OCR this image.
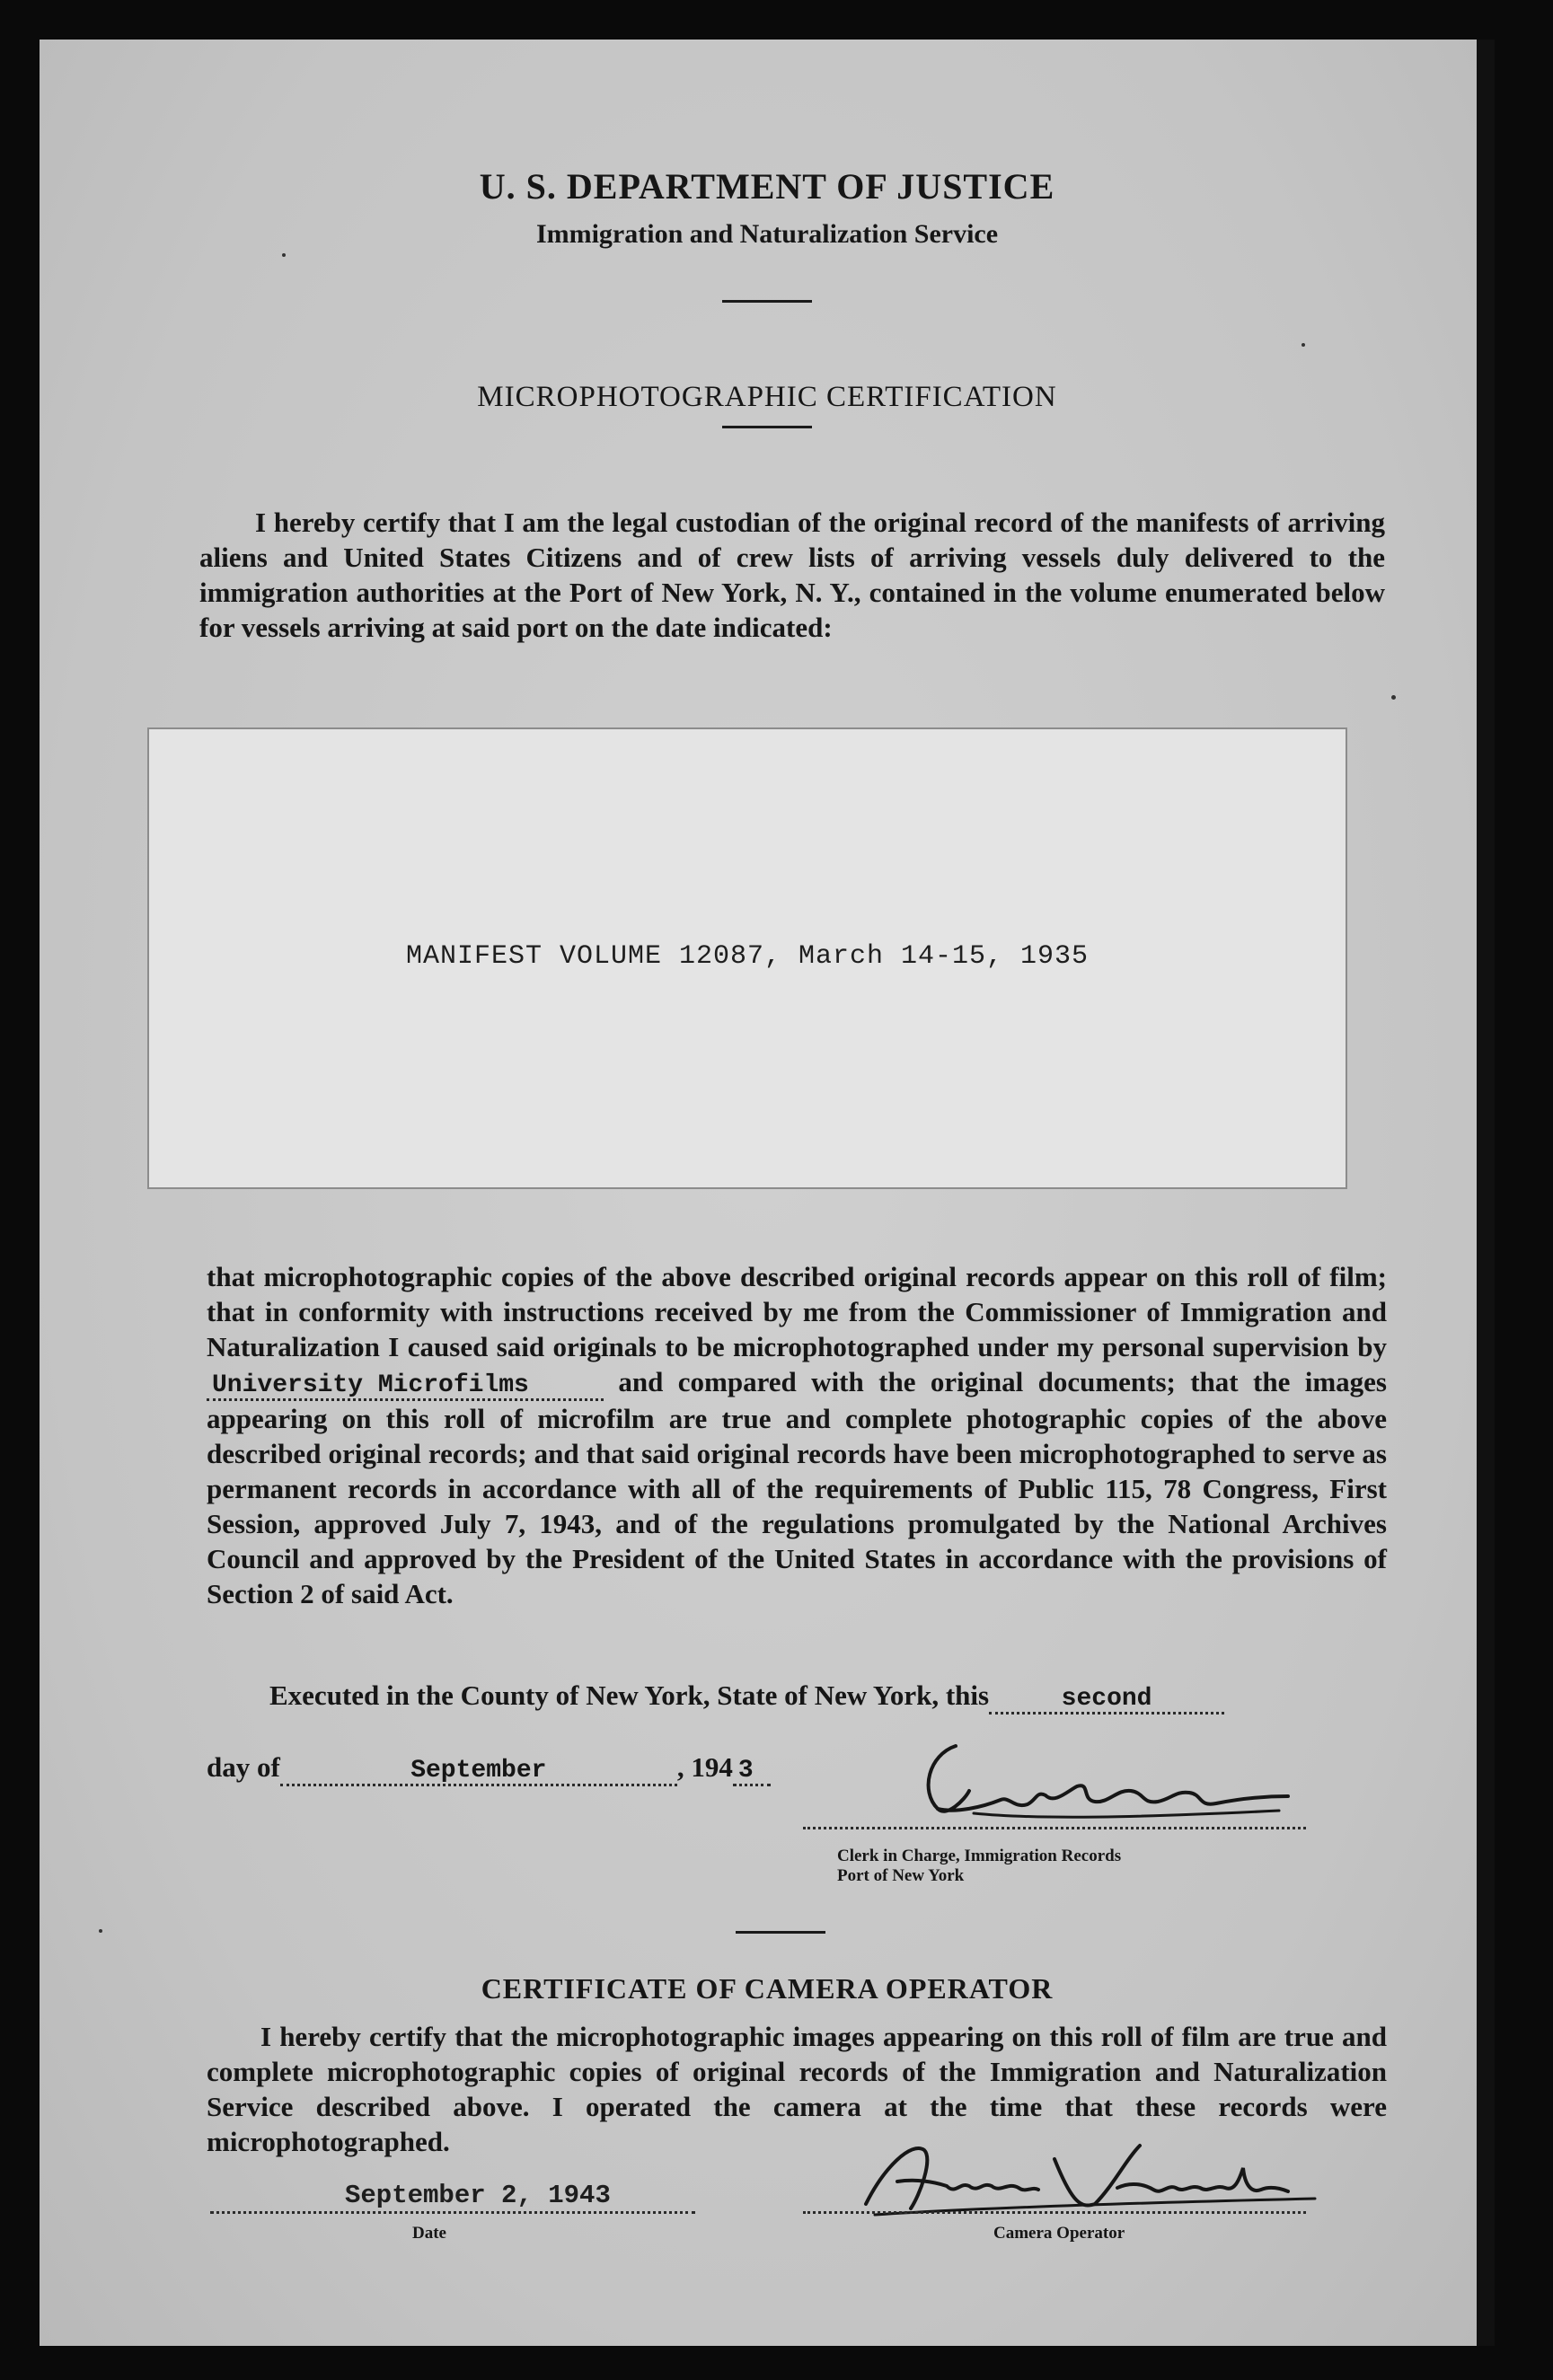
U. S. DEPARTMENT OF JUSTICE
Immigration and Naturalization Service
MICROPHOTOGRAPHIC CERTIFICATION
I hereby certify that I am the legal custodian of the original record of the manifests of arriving aliens and United States Citizens and of crew lists of arriving vessels duly delivered to the immigration authorities at the Port of New York, N. Y., contained in the volume enumerated below for vessels arriving at said port on the date indicated:
MANIFEST VOLUME 12087, March 14-15, 1935
that microphotographic copies of the above described original records appear on this roll of film; that in conformity with instructions received by me from the Commissioner of Immigration and Naturalization I caused said originals to be microphotographed under my personal supervision by University Microfilms	and compared with the original documents; that the images appearing on this roll of microfilm are true and complete photographic copies of the above described original records; and that said original records have been microphotographed to serve as permanent records in accordance with all of the requirements of Public 115, 78 Congress, First Session, approved July 7, 1943, and of the regulations promulgated by the National Archives Council and approved by the President of the United States in accordance with the provisions of Section 2 of said Act.
Executed in the County of New York, State of New York, this	second
day of	September	, 194 3
Clerk in Charge, Immigration Records
Port of New York
CERTIFICATE OF CAMERA OPERATOR
I hereby certify that the microphotographic images appearing on this roll of film are true and complete microphotographic copies of original records of the Immigration and Naturalization Service described above. I operated the camera at the time that these records were microphotographed.
September 2, 1943
Date	Camera Operator
